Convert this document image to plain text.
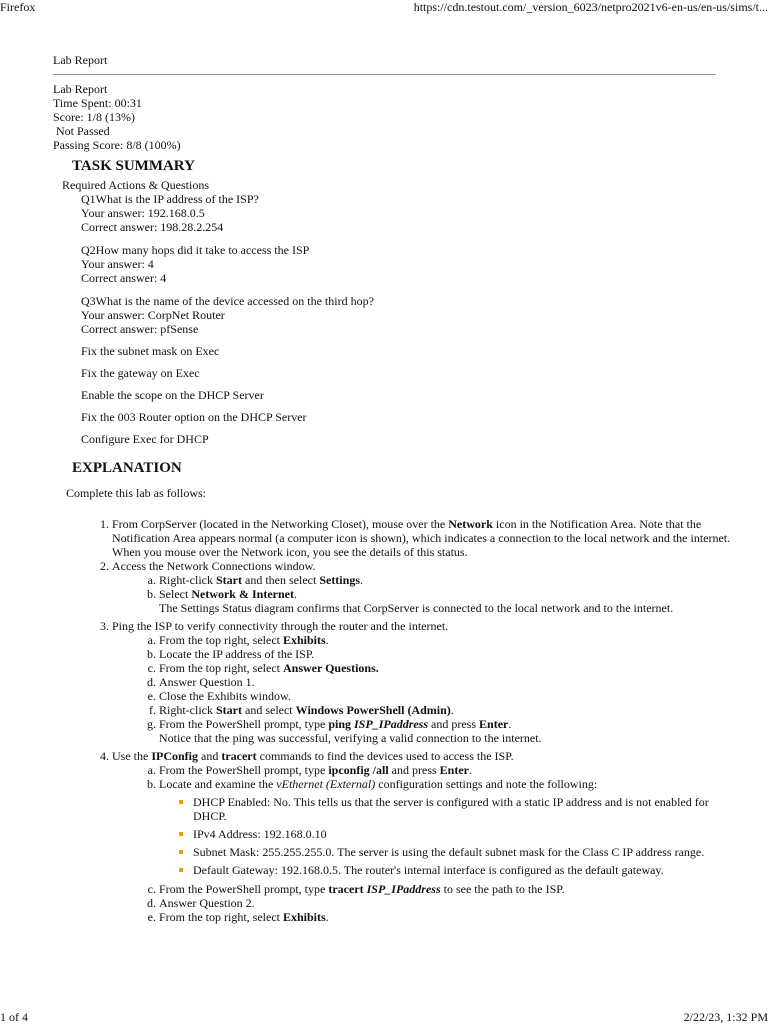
Firefox	https://cdn.testout.com/_version_6023/netpro2021v6-en-us/en-us/sims/t...
1 of 4	2/22/23, 1:32 PM
Lab Report
Lab Report
Time Spent: 00:31
Score: 1/8 (13%)
Not Passed
Passing Score: 8/8 (100%)
TASK SUMMARY
Required Actions & Questions
Q1What is the IP address of the ISP?
Your answer: 192.168.0.5
Correct answer: 198.28.2.254
Q2How many hops did it take to access the ISP
Your answer: 4
Correct answer: 4
Q3What is the name of the device accessed on the third hop?
Your answer: CorpNet Router
Correct answer: pfSense
Fix the subnet mask on Exec
Fix the gateway on Exec
Enable the scope on the DHCP Server
Fix the 003 Router option on the DHCP Server
Configure Exec for DHCP
EXPLANATION
Complete this lab as follows:
1. From CorpServer (located in the Networking Closet), mouse over the Network icon in the Notification Area. Note that the Notification Area appears normal (a computer icon is shown), which indicates a connection to the local network and the internet. When you mouse over the Network icon, you see the details of this status.
2. Access the Network Connections window.
a. Right-click Start and then select Settings.
b. Select Network & Internet.
The Settings Status diagram confirms that CorpServer is connected to the local network and to the internet.
3. Ping the ISP to verify connectivity through the router and the internet.
a. From the top right, select Exhibits.
b. Locate the IP address of the ISP.
c. From the top right, select Answer Questions.
d. Answer Question 1.
e. Close the Exhibits window.
f. Right-click Start and select Windows PowerShell (Admin).
g. From the PowerShell prompt, type ping ISP_IPaddress and press Enter.
Notice that the ping was successful, verifying a valid connection to the internet.
4. Use the IPConfig and tracert commands to find the devices used to access the ISP.
a. From the PowerShell prompt, type ipconfig /all and press Enter.
b. Locate and examine the vEthernet (External) configuration settings and note the following:
DHCP Enabled: No. This tells us that the server is configured with a static IP address and is not enabled for DHCP.
IPv4 Address: 192.168.0.10
Subnet Mask: 255.255.255.0. The server is using the default subnet mask for the Class C IP address range.
Default Gateway: 192.168.0.5. The router's internal interface is configured as the default gateway.
c. From the PowerShell prompt, type tracert ISP_IPaddress to see the path to the ISP.
d. Answer Question 2.
e. From the top right, select Exhibits.
